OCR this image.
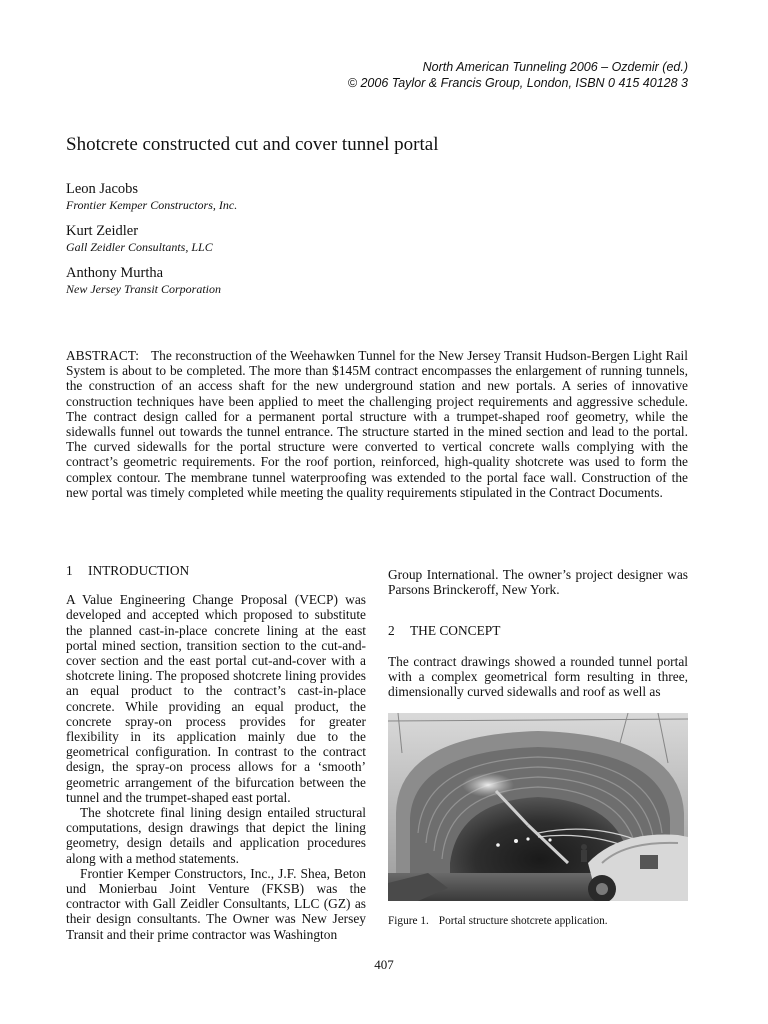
North American Tunneling 2006 – Ozdemir (ed.)
© 2006 Taylor & Francis Group, London, ISBN 0 415 40128 3
Shotcrete constructed cut and cover tunnel portal
Leon Jacobs
Frontier Kemper Constructors, Inc.
Kurt Zeidler
Gall Zeidler Consultants, LLC
Anthony Murtha
New Jersey Transit Corporation

ABSTRACT: The reconstruction of the Weehawken Tunnel for the New Jersey Transit Hudson-Bergen Light Rail System is about to be completed. The more than $145M contract encompasses the enlargement of running tunnels, the construction of an access shaft for the new underground station and new portals. A series of innovative construction techniques have been applied to meet the challenging project requirements and aggressive schedule. The contract design called for a permanent portal structure with a trumpet-shaped roof geometry, while the sidewalls funnel out towards the tunnel entrance. The structure started in the mined section and lead to the portal. The curved sidewalls for the portal structure were converted to vertical concrete walls complying with the contract’s geometric requirements. For the roof portion, reinforced, high-quality shotcrete was used to form the complex contour. The membrane tunnel waterproofing was extended to the portal face wall. Construction of the new portal was timely completed while meeting the quality requirements stipulated in the Contract Documents.

1 INTRODUCTION

A Value Engineering Change Proposal (VECP) was developed and accepted which proposed to substitute the planned cast-in-place concrete lining at the east portal mined section, transition section to the cut-and-cover section and the east portal cut-and-cover with a shotcrete lining. The proposed shotcrete lining provides an equal product to the contract’s cast-in-place concrete. While providing an equal product, the concrete spray-on process provides for greater flexibility in its application mainly due to the geometrical configuration. In contrast to the contract design, the spray-on process allows for a ‘smooth’ geometric arrangement of the bifurcation between the tunnel and the trumpet-shaped east portal.

The shotcrete final lining design entailed structural computations, design drawings that depict the lining geometry, design details and application procedures along with a method statements.

Frontier Kemper Constructors, Inc., J.F. Shea, Beton und Monierbau Joint Venture (FKSB) was the contractor with Gall Zeidler Consultants, LLC (GZ) as their design consultants. The Owner was New Jersey Transit and their prime contractor was Washington

Group International. The owner’s project designer was Parsons Brinckeroff, New York.

2 THE CONCEPT

The contract drawings showed a rounded tunnel portal with a complex geometrical form resulting in three, dimensionally curved sidewalls and roof as well as

Figure 1. Portal structure shotcrete application.
407
